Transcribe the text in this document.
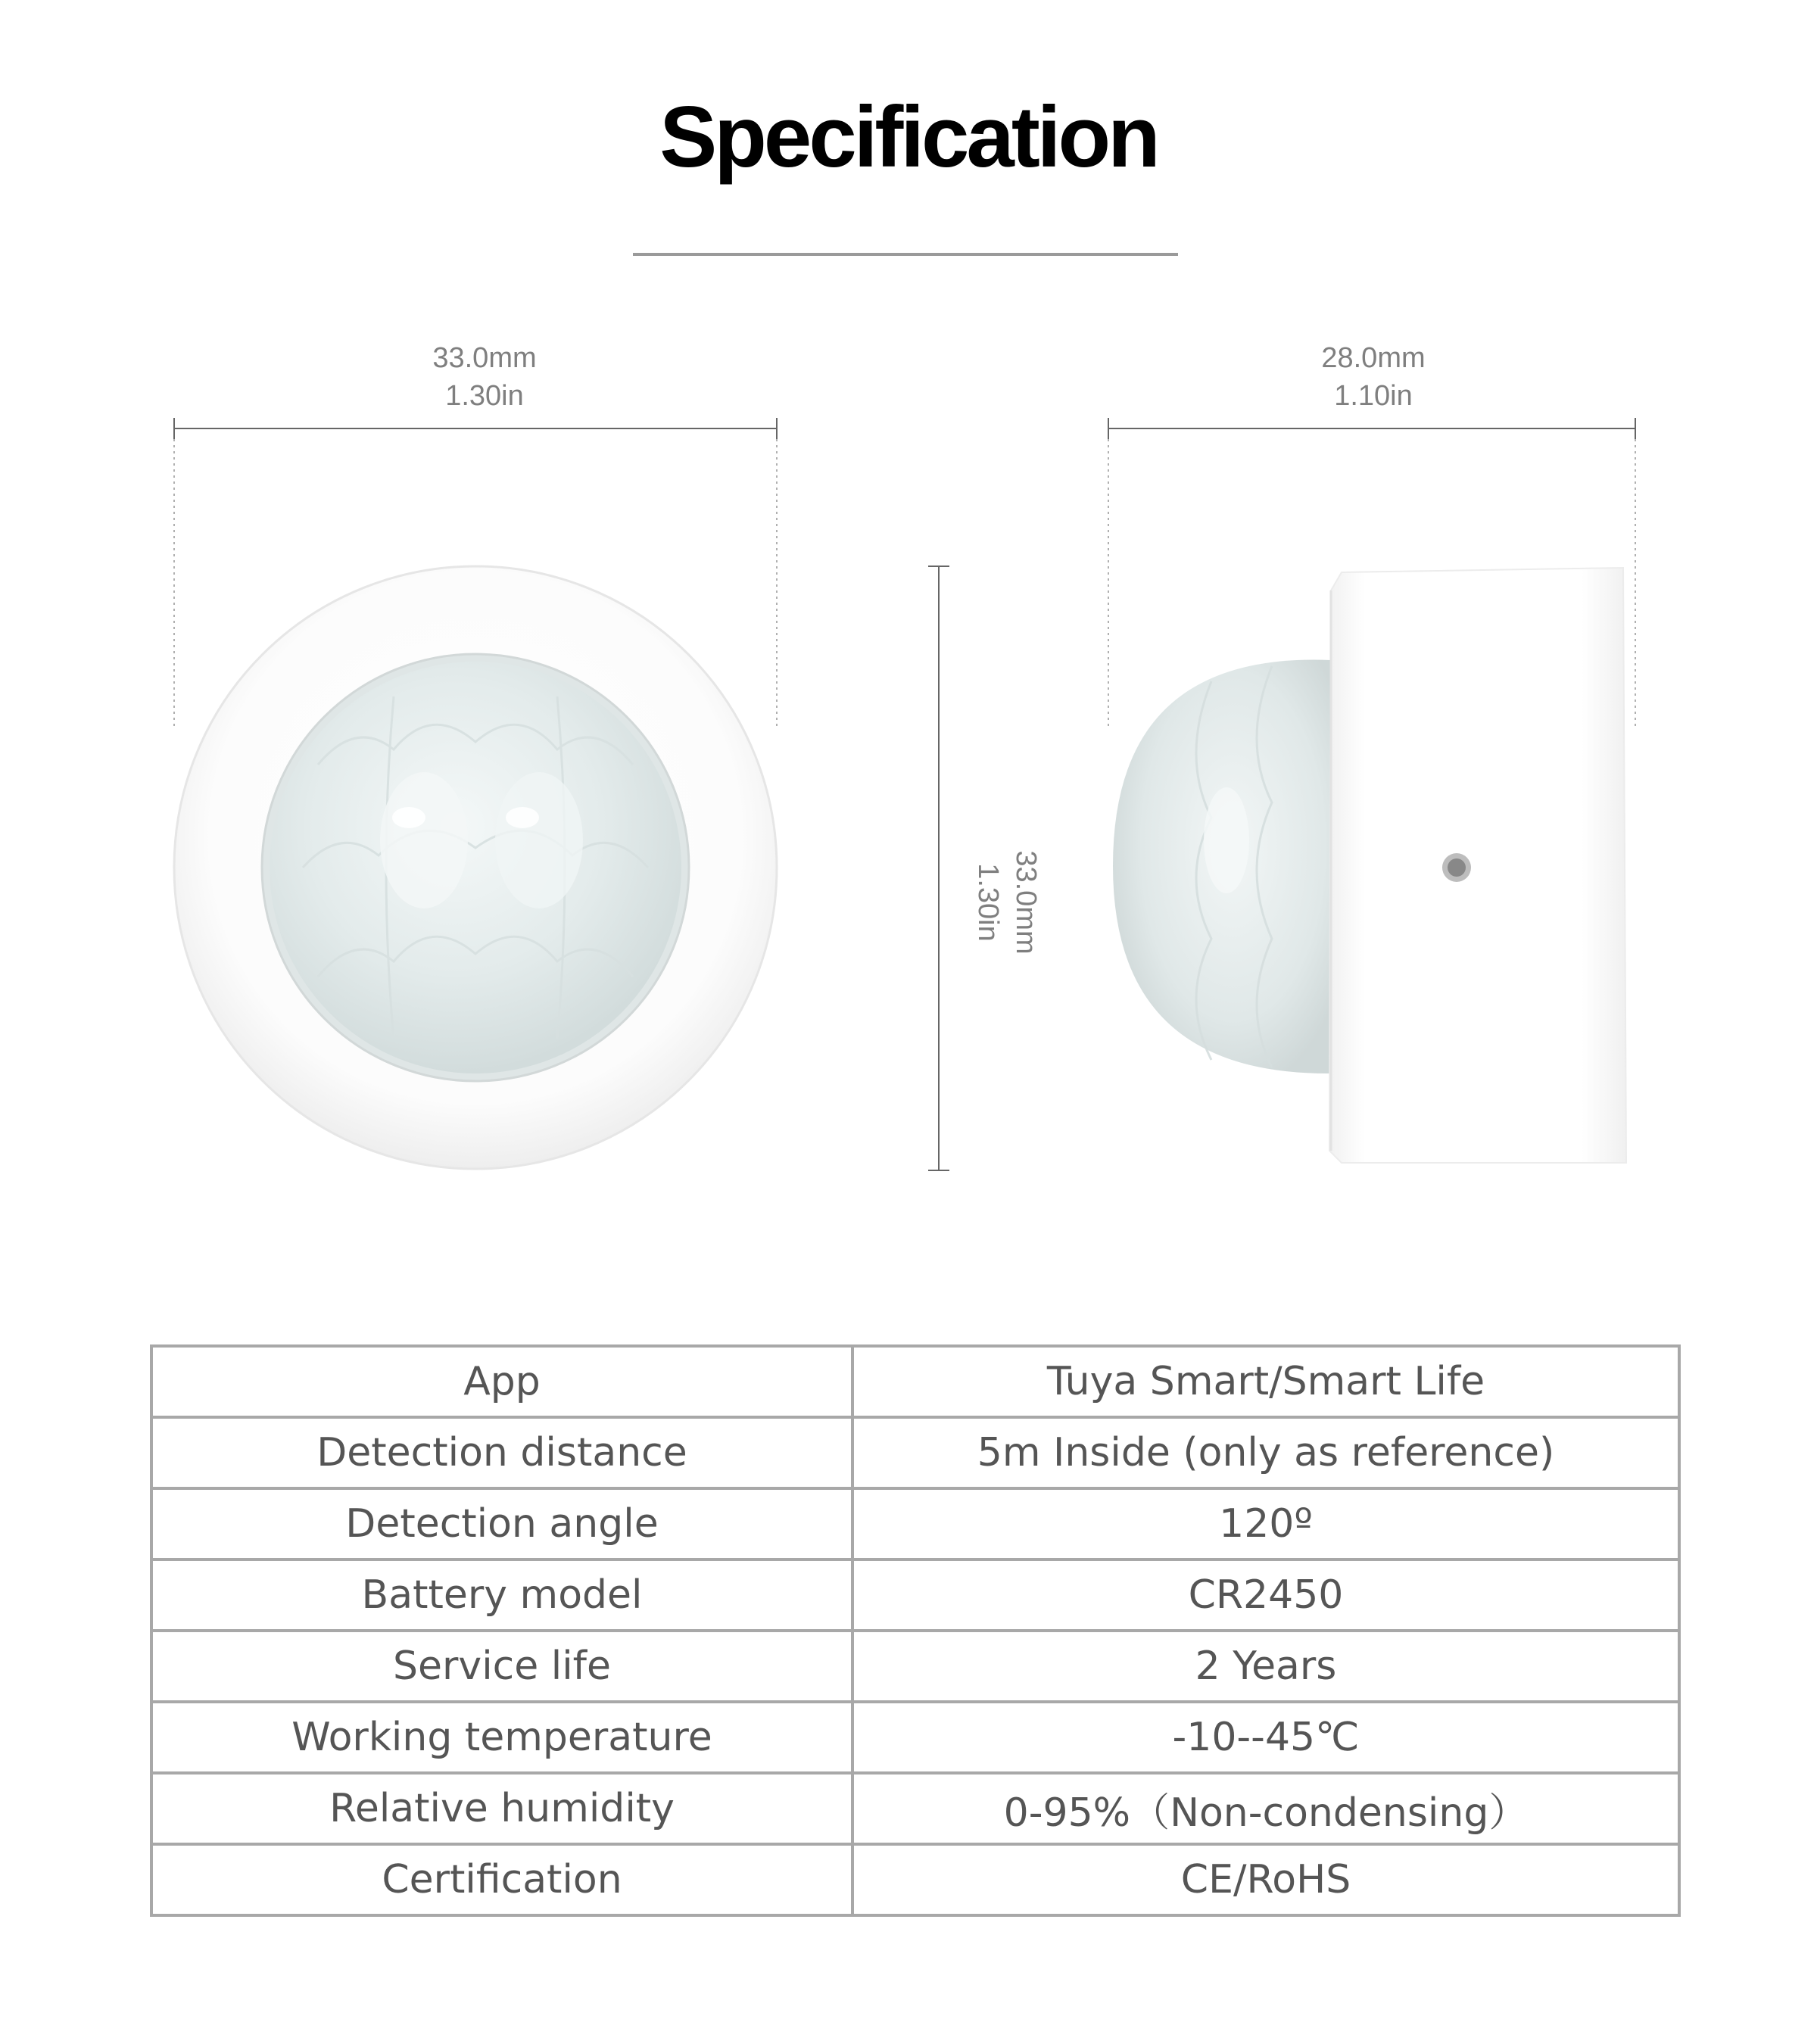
Specification
33.0mm
1.30in
28.0mm
1.10in
33.0mm
1.30in
App	Tuya Smart/Smart Life
Detection distance	5m Inside (only as reference)
Detection angle	120º
Battery model	CR2450
Service life	2 Years
Working temperature	-10--45℃
Relative humidity	0-95%（Non-condensing）
Certification	CE/RoHS
